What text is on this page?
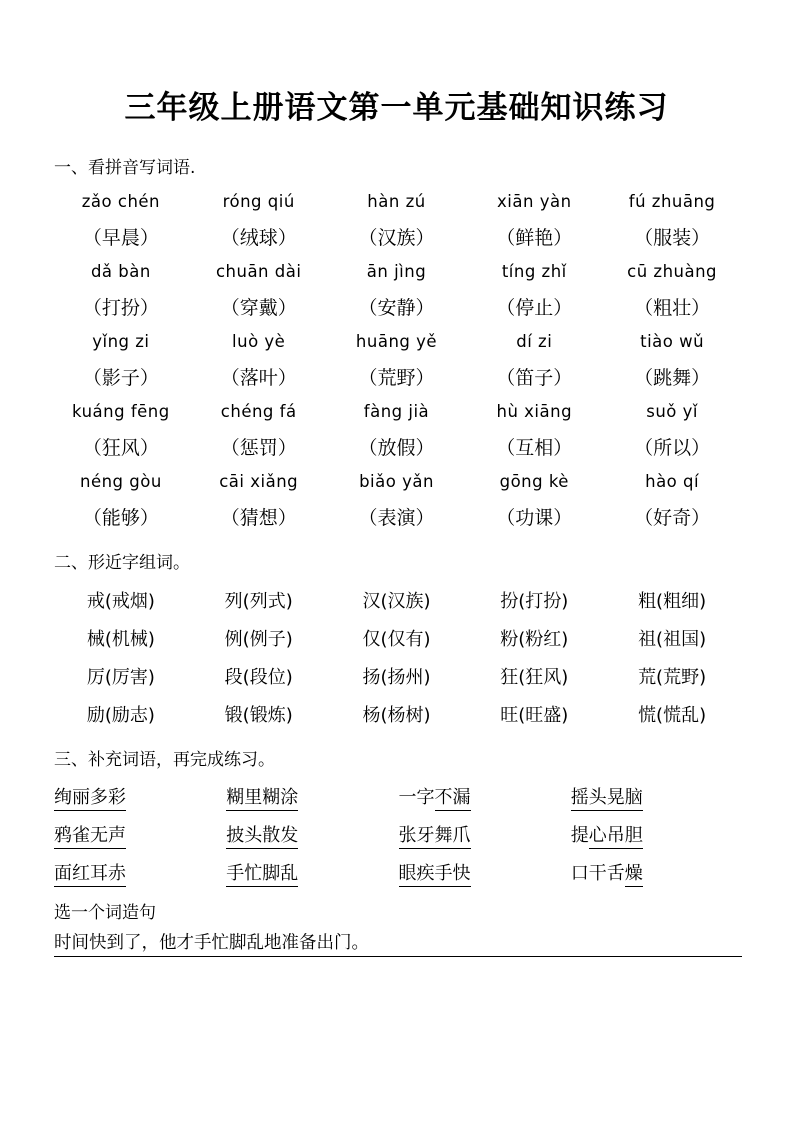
三年级上册语文第一单元基础知识练习
一、看拼音写词语.
zǎo chén	róng qiú	hàn zú	xiān yàn	fú zhuāng
（早晨）	（绒球）	（汉族）	（鲜艳）	（服装）
dǎ bàn	chuān dài	ān jìng	tíng zhǐ	cū zhuàng
（打扮）	（穿戴）	（安静）	（停止）	（粗壮）
yǐng zi	luò yè	huāng yě	dí zi	tiào wǔ
（影子）	（落叶）	（荒野）	（笛子）	（跳舞）
kuáng fēng	chéng fá	fàng jià	hù xiāng	suǒ yǐ
（狂风）	（惩罚）	（放假）	（互相）	（所以）
néng gòu	cāi xiǎng	biǎo yǎn	gōng kè	hào qí
（能够）	（猜想）	（表演）	（功课）	（好奇）
二、形近字组词。
戒(戒烟)	列(列式)	汉(汉族)	扮(打扮)	粗(粗细)
械(机械)	例(例子)	仅(仅有)	粉(粉红)	祖(祖国)
厉(厉害)	段(段位)	扬(扬州)	狂(狂风)	荒(荒野)
励(励志)	锻(锻炼)	杨(杨树)	旺(旺盛)	慌(慌乱)
三、补充词语，再完成练习。
绚丽多彩	糊里糊涂	一字不漏	摇头晃脑
鸦雀无声	披头散发	张牙舞爪	提心吊胆
面红耳赤	手忙脚乱	眼疾手快	口干舌燥
选一个词造句
时间快到了，他才手忙脚乱地准备出门。
